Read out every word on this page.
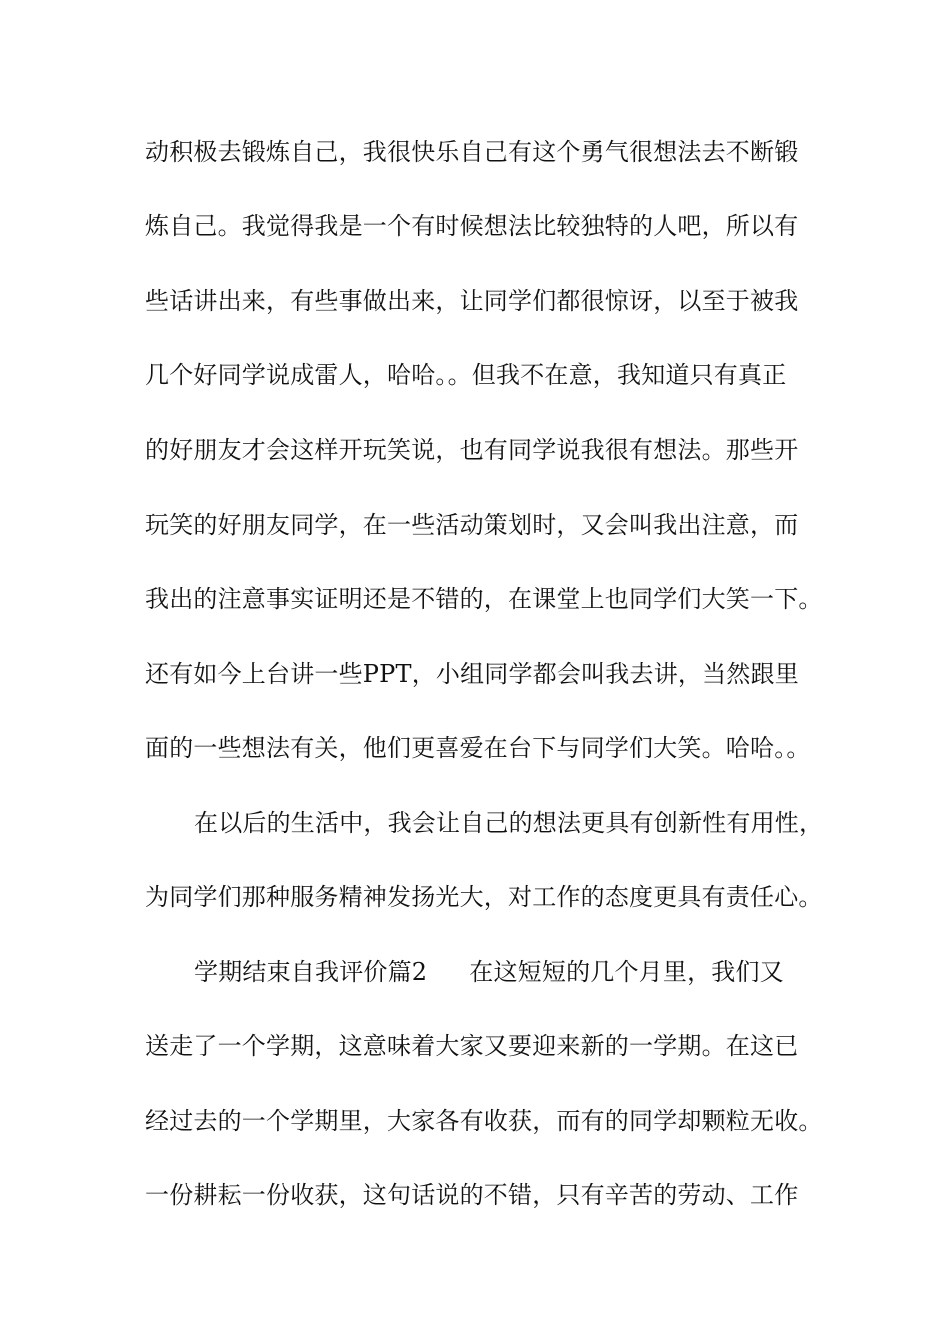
动积极去锻炼自己，我很快乐自己有这个勇气很想法去不断锻
炼自己。我觉得我是一个有时候想法比较独特的人吧，所以有
些话讲出来，有些事做出来，让同学们都很惊讶，以至于被我
几个好同学说成雷人，哈哈。。但我不在意，我知道只有真正
的好朋友才会这样开玩笑说，也有同学说我很有想法。那些开
玩笑的好朋友同学，在一些活动策划时，又会叫我出注意，而
我出的注意事实证明还是不错的，在课堂上也同学们大笑一下。
还有如今上台讲一些PPT，小组同学都会叫我去讲，当然跟里
面的一些想法有关，他们更喜爱在台下与同学们大笑。哈哈。。
在以后的生活中，我会让自己的想法更具有创新性有用性，
为同学们那种服务精神发扬光大，对工作的态度更具有责任心。
学期结束自我评价篇2 在这短短的几个月里，我们又
送走了一个学期，这意味着大家又要迎来新的一学期。在这已
经过去的一个学期里，大家各有收获，而有的同学却颗粒无收。
一份耕耘一份收获，这句话说的不错，只有辛苦的劳动、工作
